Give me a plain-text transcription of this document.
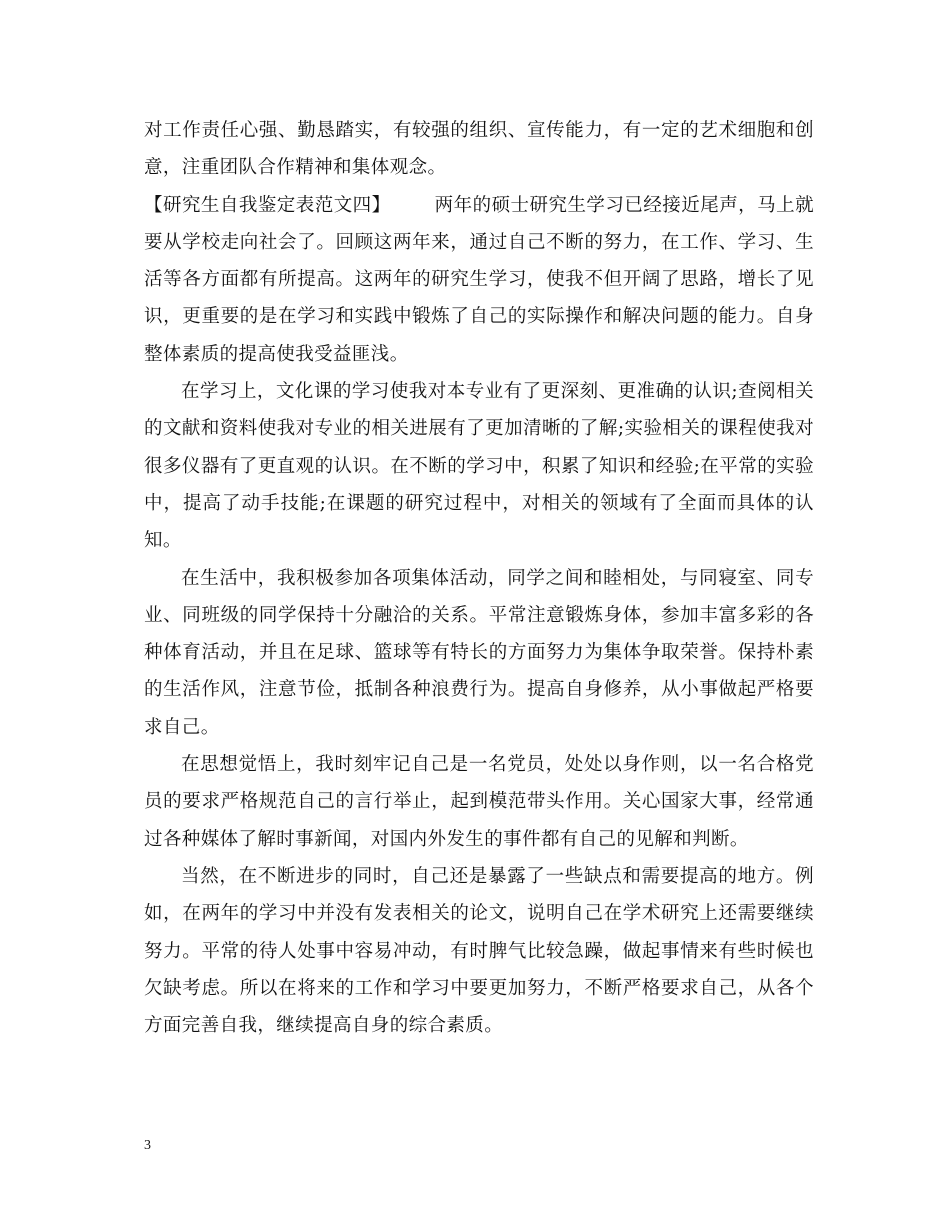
对工作责任心强、勤恳踏实，有较强的组织、宣传能力，有一定的艺术细胞和创意，注重团队合作精神和集体观念。

【研究生自我鉴定表范文四】 两年的硕士研究生学习已经接近尾声，马上就要从学校走向社会了。回顾这两年来，通过自己不断的努力，在工作、学习、生活等各方面都有所提高。这两年的研究生学习，使我不但开阔了思路，增长了见识，更重要的是在学习和实践中锻炼了自己的实际操作和解决问题的能力。自身整体素质的提高使我受益匪浅。

在学习上，文化课的学习使我对本专业有了更深刻、更准确的认识;查阅相关的文献和资料使我对专业的相关进展有了更加清晰的了解;实验相关的课程使我对很多仪器有了更直观的认识。在不断的学习中，积累了知识和经验;在平常的实验中，提高了动手技能;在课题的研究过程中，对相关的领域有了全面而具体的认知。

在生活中，我积极参加各项集体活动，同学之间和睦相处，与同寝室、同专业、同班级的同学保持十分融洽的关系。平常注意锻炼身体，参加丰富多彩的各种体育活动，并且在足球、篮球等有特长的方面努力为集体争取荣誉。保持朴素的生活作风，注意节俭，抵制各种浪费行为。提高自身修养，从小事做起严格要求自己。

在思想觉悟上，我时刻牢记自己是一名党员，处处以身作则，以一名合格党员的要求严格规范自己的言行举止，起到模范带头作用。关心国家大事，经常通过各种媒体了解时事新闻，对国内外发生的事件都有自己的见解和判断。

当然，在不断进步的同时，自己还是暴露了一些缺点和需要提高的地方。例如，在两年的学习中并没有发表相关的论文，说明自己在学术研究上还需要继续努力。平常的待人处事中容易冲动，有时脾气比较急躁，做起事情来有些时候也欠缺考虑。所以在将来的工作和学习中要更加努力，不断严格要求自己，从各个方面完善自我，继续提高自身的综合素质。

3
